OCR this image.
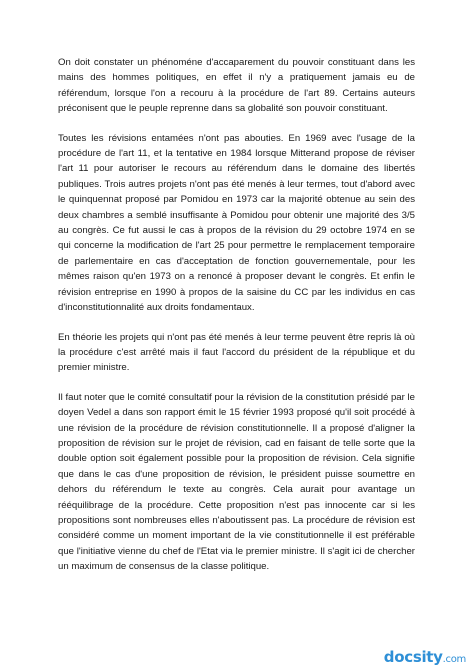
On doit constater un phénoméne d'accaparement du pouvoir constituant dans les mains des hommes politiques, en effet il n'y a pratiquement jamais eu de référendum, lorsque l'on a recouru à la procédure de l'art 89. Certains auteurs préconisent que le peuple reprenne dans sa globalité son pouvoir constituant.

Toutes les révisions entamées n'ont pas abouties. En 1969 avec l'usage de la procédure de l'art 11, et la tentative en 1984 lorsque Mitterand propose de réviser l'art 11 pour autoriser le recours au référendum dans le domaine des libertés publiques. Trois autres projets n'ont pas été menés à leur termes, tout d'abord avec le quinquennat proposé par Pomidou en 1973 car la majorité obtenue au sein des deux chambres a semblé insuffisante à Pomidou pour obtenir une majorité des 3/5 au congrès. Ce fut aussi le cas à propos de la révision du 29 octobre 1974 en se qui concerne la modification de l'art 25 pour permettre le remplacement temporaire de parlementaire en cas d'acceptation de fonction gouvernementale, pour les mêmes raison qu'en 1973 on a renoncé à proposer devant le congrès. Et enfin le révision entreprise en 1990 à propos de la saisine du CC par les individus en cas d'inconstitutionnalité aux droits fondamentaux.

En théorie les projets qui n'ont pas été menés à leur terme peuvent être repris là où la procédure c'est arrêté mais il faut l'accord du président de la république et du premier ministre.

Il faut noter que le comité consultatif pour la révision de la constitution présidé par le doyen Vedel a dans son rapport émit le 15 février 1993 proposé qu'il soit procédé à une révision de la procédure de révision constitutionnelle. Il a proposé d'aligner la proposition de révision sur le projet de révision, cad en faisant de telle sorte que la double option soit également possible pour la proposition de révision. Cela signifie que dans le cas d'une proposition de révision, le président puisse soumettre en dehors du référendum le texte au congrès. Cela aurait pour avantage un rééquilibrage de la procédure. Cette proposition n'est pas innocente car si les propositions sont nombreuses elles n'aboutissent pas. La procédure de révision est considéré comme un moment important de la vie constitutionnelle il est préférable que l'initiative vienne du chef de l'Etat via le premier ministre. Il s'agit ici de chercher un maximum de consensus de la classe politique.

docsity .com
